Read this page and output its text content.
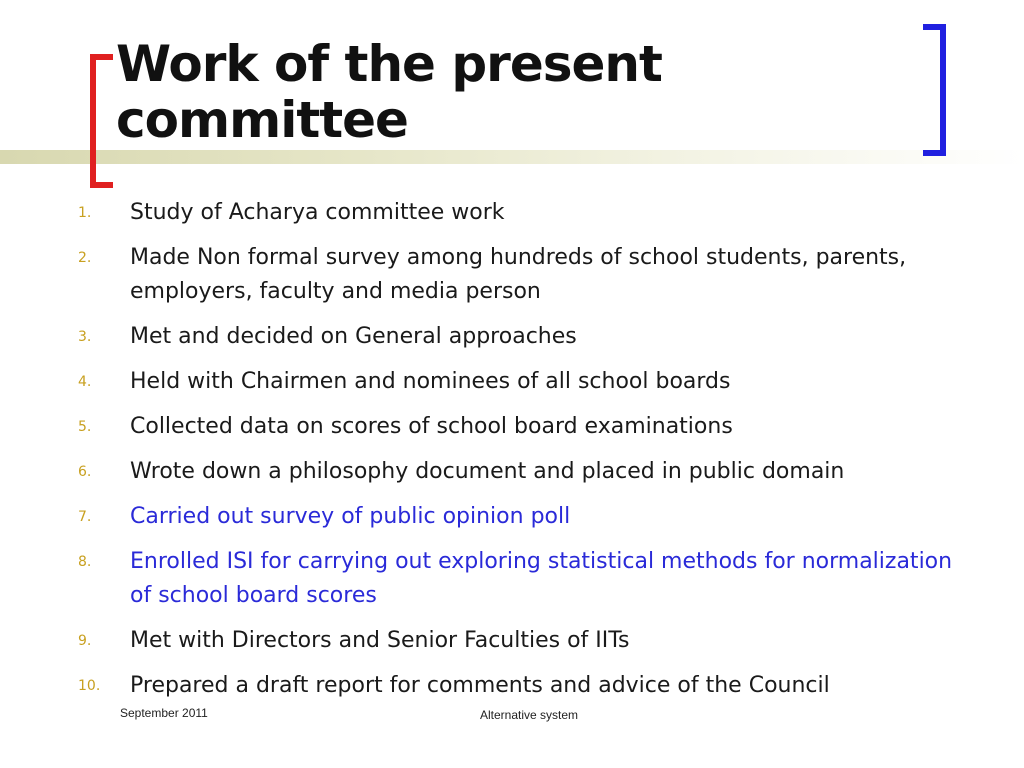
Work of the present committee
1.	Study of Acharya committee work
2.	Made Non formal survey among hundreds of school students, parents, employers, faculty and media person
3.	Met and decided on General approaches
4.	Held with Chairmen and nominees of all school boards
5.	Collected data on scores of school board examinations
6.	Wrote down a philosophy document and placed in public domain
7.	Carried out survey of public opinion poll
8.	Enrolled ISI for carrying out exploring statistical methods for normalization of school board scores
9.	Met with Directors and Senior Faculties of IITs
10.	Prepared a draft report for comments and advice of the Council
September 2011	Alternative system
